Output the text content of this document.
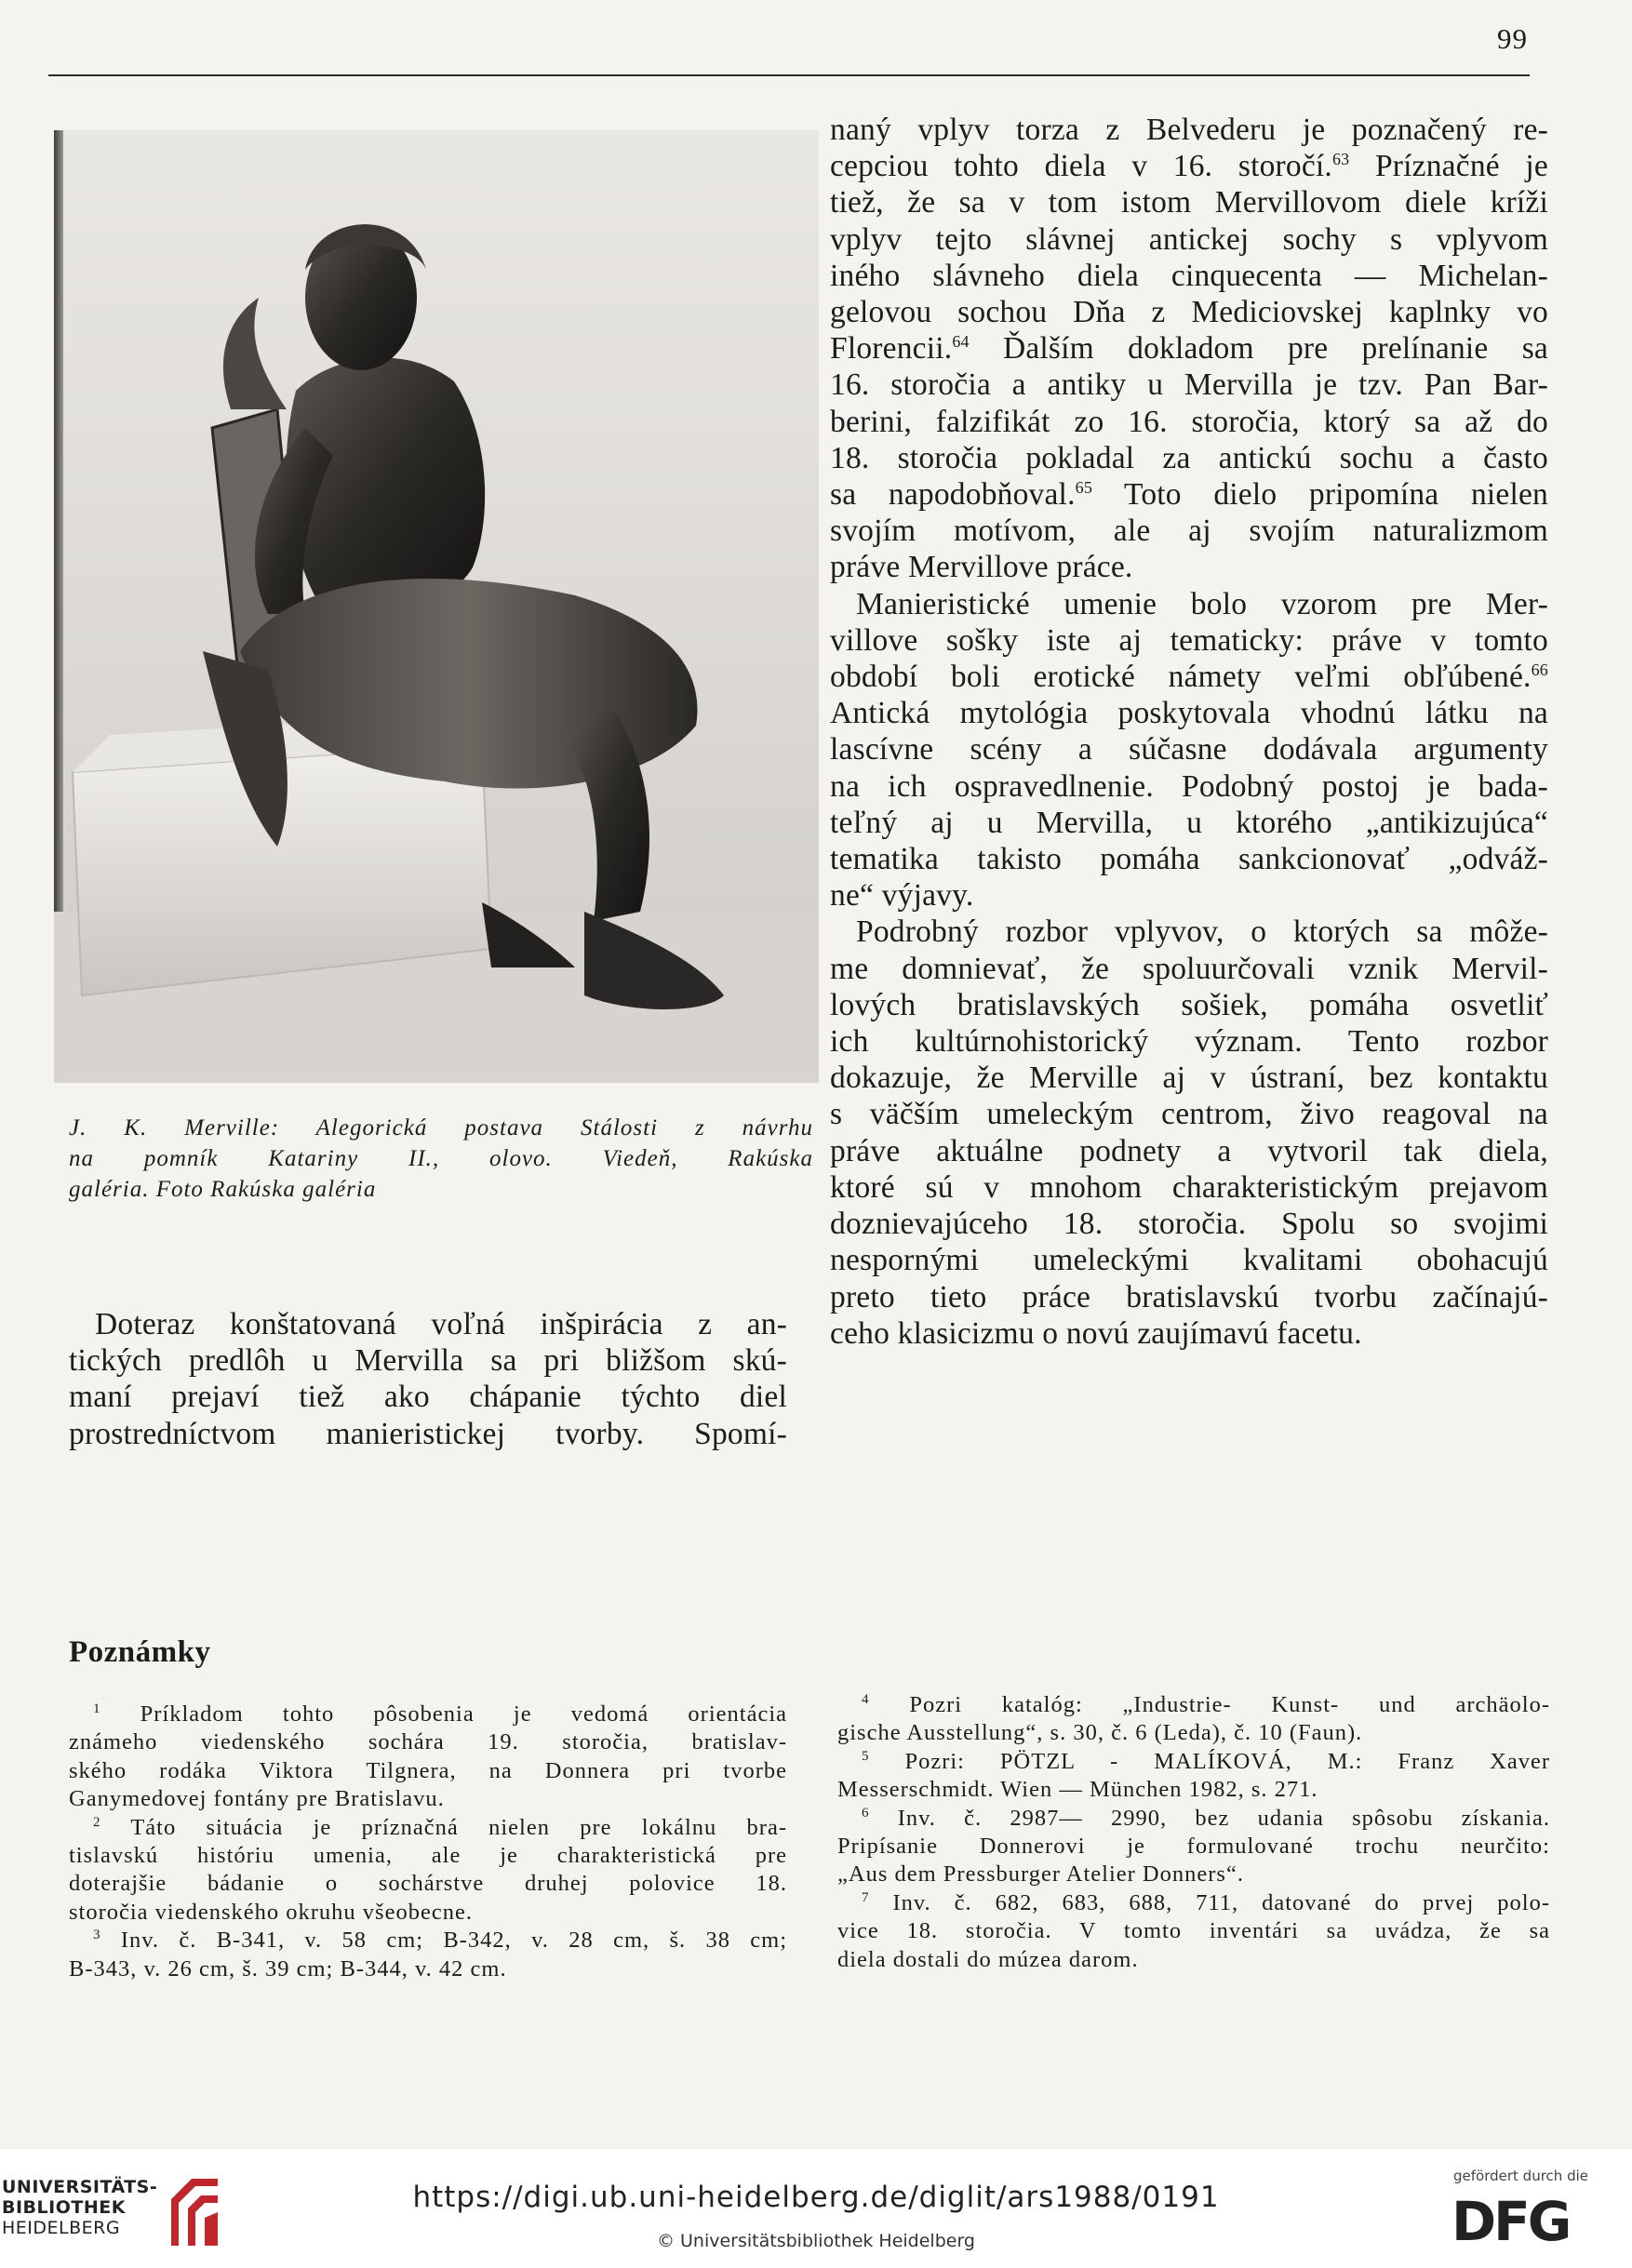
99
J. K. Merville: Alegorická postava Stálosti z návrhu
na pomník Katariny II., olovo. Viedeň, Rakúska
galéria. Foto Rakúska galéria
Doteraz konštatovaná voľná inšpirácia z an-
tických predlôh u Mervilla sa pri bližšom skú-
maní prejaví tiež ako chápanie týchto diel
prostredníctvom manieristickej tvorby. Spomí-
naný vplyv torza z Belvederu je poznačený re-
cepciou tohto diela v 16. storočí.$^{63}$ Príznačné je
tiež, že sa v tom istom Mervillovom diele kríži
vplyv tejto slávnej antickej sochy s vplyvom
iného slávneho diela cinquecenta — Michelan-
gelovou sochou Dňa z Mediciovskej kaplnky vo
Florencii.$^{64}$ Ďalším dokladom pre prelínanie sa
16. storočia a antiky u Mervilla je tzv. Pan Bar-
berini, falzifikát zo 16. storočia, ktorý sa až do
18. storočia pokladal za antickú sochu a často
sa napodobňoval.$^{65}$ Toto dielo pripomína nielen
svojím motívom, ale aj svojím naturalizmom
práve Mervillove práce.
Manieristické umenie bolo vzorom pre Mer-
villove sošky iste aj tematicky: práve v tomto
období boli erotické námety veľmi obľúbené.$^{66}$
Antická mytológia poskytovala vhodnú látku na
lascívne scény a súčasne dodávala argumenty
na ich ospravedlnenie. Podobný postoj je bada-
teľný aj u Mervilla, u ktorého „antikizujúca“
tematika takisto pomáha sankcionovať „odváž-
ne“ výjavy.
Podrobný rozbor vplyvov, o ktorých sa môže-
me domnievať, že spoluurčovali vznik Mervil-
lových bratislavských sošiek, pomáha osvetliť
ich kultúrnohistorický význam. Tento rozbor
dokazuje, že Merville aj v ústraní, bez kontaktu
s väčším umeleckým centrom, živo reagoval na
práve aktuálne podnety a vytvoril tak diela,
ktoré sú v mnohom charakteristickým prejavom
doznievajúceho 18. storočia. Spolu so svojimi
nespornými umeleckými kvalitami obohacujú
preto tieto práce bratislavskú tvorbu začínajú-
ceho klasicizmu o novú zaujímavú facetu.
Poznámky
$^1$ Príkladom tohto pôsobenia je vedomá orientácia
známeho viedenského sochára 19. storočia, bratislav-
ského rodáka Viktora Tilgnera, na Donnera pri tvorbe
Ganymedovej fontány pre Bratislavu.
$^2$ Táto situácia je príznačná nielen pre lokálnu bra-
tislavskú históriu umenia, ale je charakteristická pre
doterajšie bádanie o sochárstve druhej polovice 18.
storočia viedenského okruhu všeobecne.
$^3$ Inv. č. B-341, v. 58 cm; B-342, v. 28 cm, š. 38 cm;
B-343, v. 26 cm, š. 39 cm; B-344, v. 42 cm.
$^4$ Pozri katalóg: „Industrie- Kunst- und archäolo-
gische Ausstellung“, s. 30, č. 6 (Leda), č. 10 (Faun).
$^5$ Pozri: PÖTZL - MALÍKOVÁ, M.: Franz Xaver
Messerschmidt. Wien — München 1982, s. 271.
$^6$ Inv. č. 2987— 2990, bez udania spôsobu získania.
Pripísanie Donnerovi je formulované trochu neurčito:
„Aus dem Pressburger Atelier Donners“.
$^7$ Inv. č. 682, 683, 688, 711, datované do prvej polo-
vice 18. storočia. V tomto inventári sa uvádza, že sa
diela dostali do múzea darom.
UNIVERSITÄTS-
BIBLIOTHEK
HEIDELBERG
https://digi.ub.uni-heidelberg.de/diglit/ars1988/0191
© Universitätsbibliothek Heidelberg
gefördert durch die
DFG
